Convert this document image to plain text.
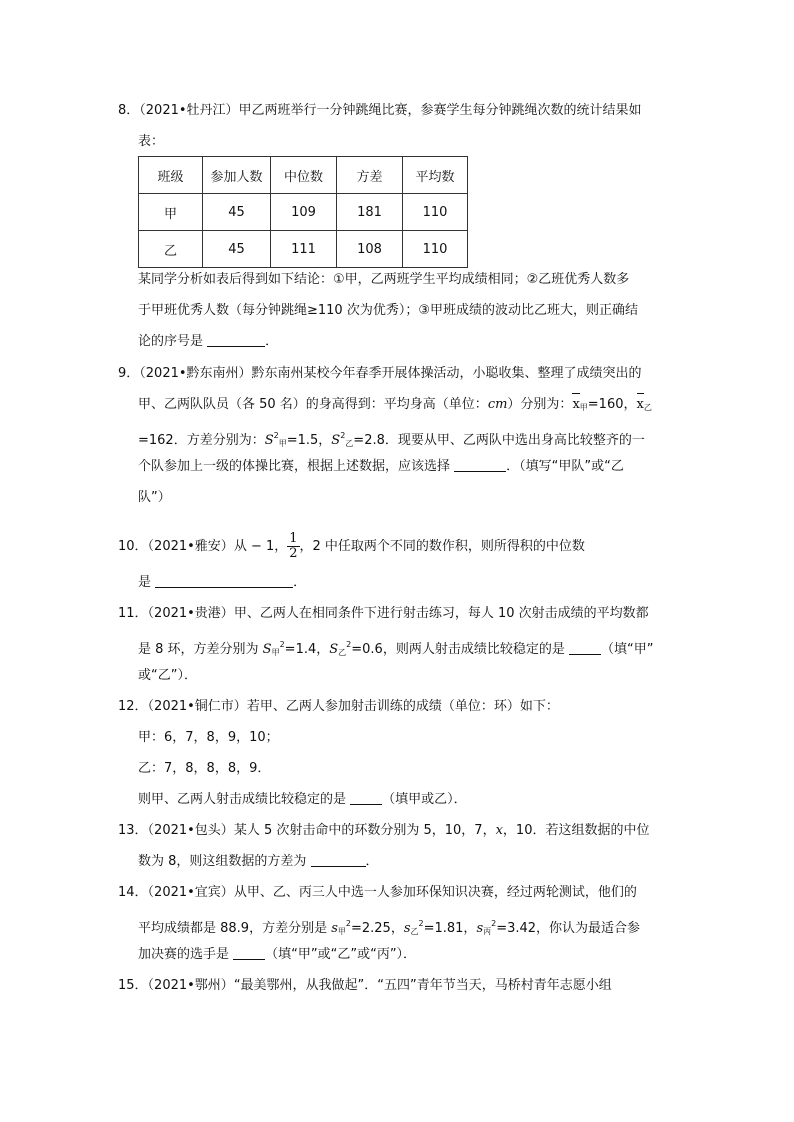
8．（2021•牡丹江）甲乙两班举行一分钟跳绳比赛，参赛学生每分钟跳绳次数的统计结果如
表：
班级	参加人数	中位数	方差	平均数
甲	45	109	181	110
乙	45	111	108	110
某同学分析如表后得到如下结论：①甲，乙两班学生平均成绩相同；②乙班优秀人数多
于甲班优秀人数（每分钟跳绳≥110 次为优秀）；③甲班成绩的波动比乙班大，则正确结
论的序号是	．
9．（2021•黔东南州）黔东南州某校今年春季开展体操活动，小聪收集、整理了成绩突出的
甲、乙两队队员（各 50 名）的身高得到：平均身高（单位：cm）分别为：$x_甲=160$，$x_乙$
=162．方差分别为：$S^2_甲=1.5$，$S^2_乙=2.8$．现要从甲、乙两队中选出身高比较整齐的一
个队参加上一级的体操比赛，根据上述数据，应该选择	．（填写“甲队”或“乙
队”）
10．（2021•雅安）从 − 1， $\frac{1}{2}$ ，2 中任取两个不同的数作积，则所得积的中位数
是	．
11．（2021•贵港）甲、乙两人在相同条件下进行射击练习，每人 10 次射击成绩的平均数都
是 8 环，方差分别为 $S_甲^2=1.4$，$S_乙^2=0.6$，则两人射击成绩比较稳定的是 （填“甲”
或“乙”）．
12．（2021•铜仁市）若甲、乙两人参加射击训练的成绩（单位：环）如下：
甲：6，7，8，9，10；
乙：7，8，8，8，9．
则甲、乙两人射击成绩比较稳定的是 （填甲或乙）．
13．（2021•包头）某人 5 次射击命中的环数分别为 5，10，7，x，10．若这组数据的中位
数为 8，则这组数据的方差为	．
14．（2021•宜宾）从甲、乙、丙三人中选一人参加环保知识决赛，经过两轮测试，他们的
平均成绩都是 88.9，方差分别是 $s_甲^2=2.25$，$s_乙^2=1.81$，$s_丙^2=3.42$，你认为最适合参
加决赛的选手是 （填“甲”或“乙”或“丙”）．
15．（2021•鄂州）“最美鄂州，从我做起”．“五四”青年节当天，马桥村青年志愿小组
